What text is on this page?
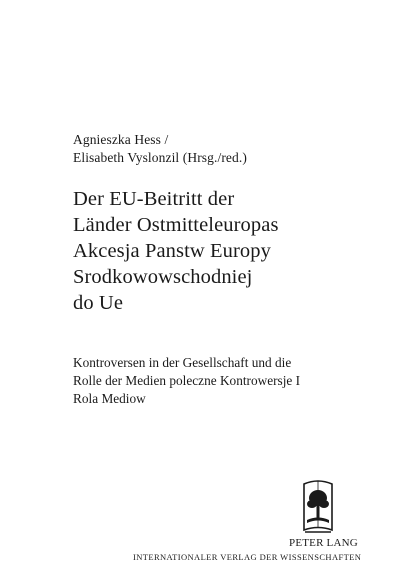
Agnieszka Hess /
Elisabeth Vyslonzil (Hrsg./red.)
Der EU-Beitritt der
Länder Ostmitteleuropas
Akcesja Panstw Europy
Srodkowowschodniej
do Ue
Kontroversen in der Gesellschaft und die
Rolle der Medien poleczne Kontrowersje I
Rola Mediow
PETER LANG
INTERNATIONALER VERLAG DER WISSENSCHAFTEN
